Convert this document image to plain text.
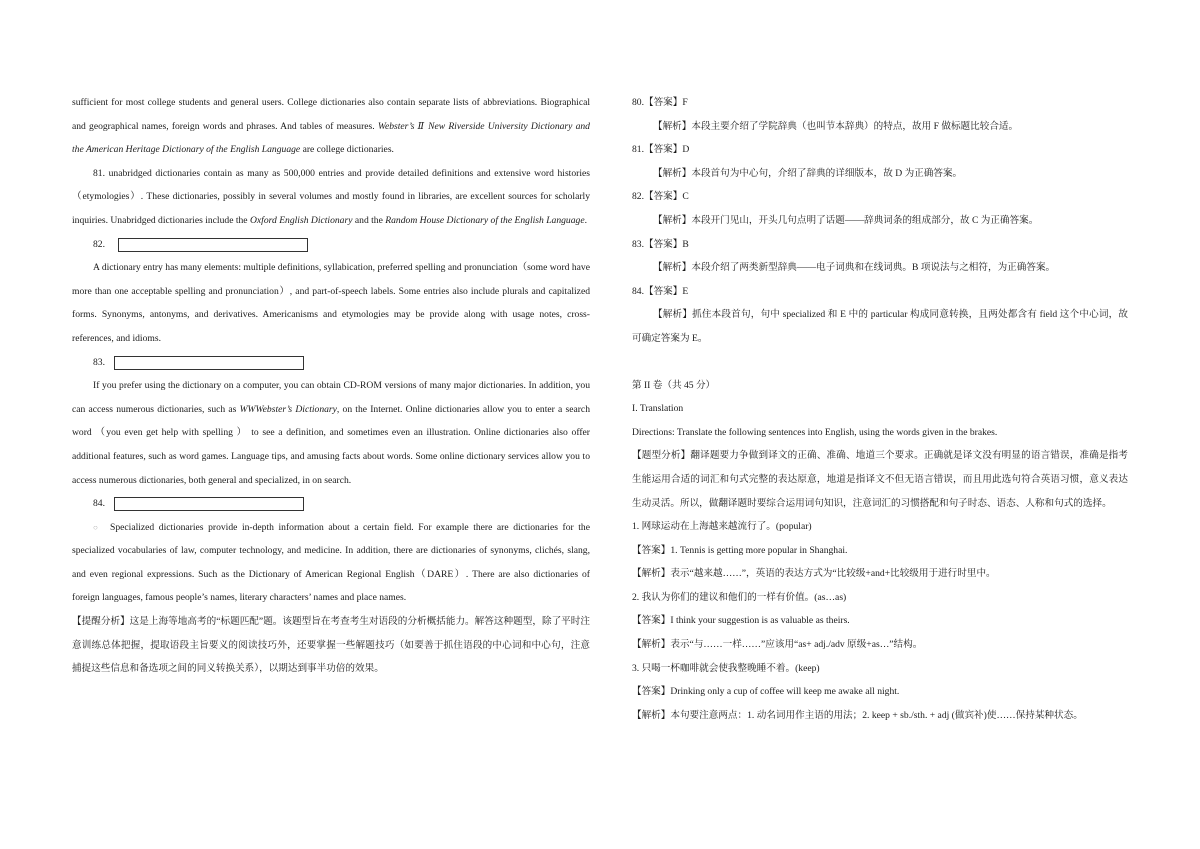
sufficient for most college students and general users. College dictionaries also contain separate lists of abbreviations. Biographical and geographical names, foreign words and phrases. And tables of measures. Webster’s Ⅱ New Riverside University Dictionary and the American Heritage Dictionary of the English Language are college dictionaries.

81. unabridged dictionaries contain as many as 500,000 entries and provide detailed definitions and extensive word histories （etymologies）. These dictionaries, possibly in several volumes and mostly found in libraries, are excellent sources for scholarly inquiries. Unabridged dictionaries include the Oxford English Dictionary and the Random House Dictionary of the English Language.

82.

A dictionary entry has many elements: multiple definitions, syllabication, preferred spelling and pronunciation（some word have more than one acceptable spelling and pronunciation）, and part-of-speech labels. Some entries also include plurals and capitalized forms. Synonyms, antonyms, and derivatives. Americanisms and etymologies may be provide along with usage notes, cross-references, and idioms.

83.

If you prefer using the dictionary on a computer, you can obtain CD-ROM versions of many major dictionaries. In addition, you can access numerous dictionaries, such as WWWebster’s Dictionary, on the Internet. Online dictionaries allow you to enter a search word （you even get help with spelling ） to see a definition, and sometimes even an illustration. Online dictionaries also offer additional features, such as word games. Language tips, and amusing facts about words. Some online dictionary services allow you to access numerous dictionaries, both general and specialized, in on search.

84.

○ Specialized dictionaries provide in-depth information about a certain field. For example there are dictionaries for the specialized vocabularies of law, computer technology, and medicine. In addition, there are dictionaries of synonyms, clichés, slang, and even regional expressions. Such as the Dictionary of American Regional English（DARE）. There are also dictionaries of foreign languages, famous people’s names, literary characters’ names and place names.

【提醒分析】这是上海等地高考的“标题匹配”题。该题型旨在考查考生对语段的分析概括能力。解答这种题型，除了平时注意训练总体把握，提取语段主旨要义的阅读技巧外，还要掌握一些解题技巧（如要善于抓住语段的中心词和中心句，注意捕捉这些信息和备选项之间的同义转换关系），以期达到事半功倍的效果。

80.【答案】F

【解析】本段主要介绍了学院辞典（也叫节本辞典）的特点，故用 F 做标题比较合适。

81.【答案】D

【解析】本段首句为中心句，介绍了辞典的详细版本，故 D 为正确答案。

82.【答案】C

【解析】本段开门见山，开头几句点明了话题——辞典词条的组成部分，故 C 为正确答案。

83.【答案】B

【解析】本段介绍了两类新型辞典——电子词典和在线词典。B 项说法与之相符，为正确答案。

84.【答案】E

【解析】抓住本段首句，句中 specialized 和 E 中的 particular 构成同意转换，且两处都含有 field 这个中心词，故可确定答案为 E。

第 II 卷（共 45 分）

I. Translation

Directions: Translate the following sentences into English, using the words given in the brakes.

【题型分析】翻译题要力争做到译文的正确、准确、地道三个要求。正确就是译文没有明显的语言错误，准确是指考生能运用合适的词汇和句式完整的表达原意，地道是指译文不但无语言错误，而且用此选句符合英语习惯，意义表达生动灵活。所以，做翻译题时要综合运用词句知识，注意词汇的习惯搭配和句子时态、语态、人称和句式的选择。

1. 网球运动在上海越来越流行了。(popular)

【答案】1. Tennis is getting more popular in Shanghai.

【解析】表示“越来越……”，英语的表达方式为“比较级+and+比较级用于进行时里中。

2. 我认为你们的建议和他们的一样有价值。(as…as)

【答案】I think your suggestion is as valuable as theirs.

【解析】表示“与……一样……”应该用“as+ adj./adv 原级+as…”结构。

3. 只喝一杯咖啡就会使我整晚睡不着。(keep)

【答案】Drinking only a cup of coffee will keep me awake all night.

【解析】本句要注意两点：1. 动名词用作主语的用法；2. keep + sb./sth. + adj (做宾补)使……保持某种状态。
